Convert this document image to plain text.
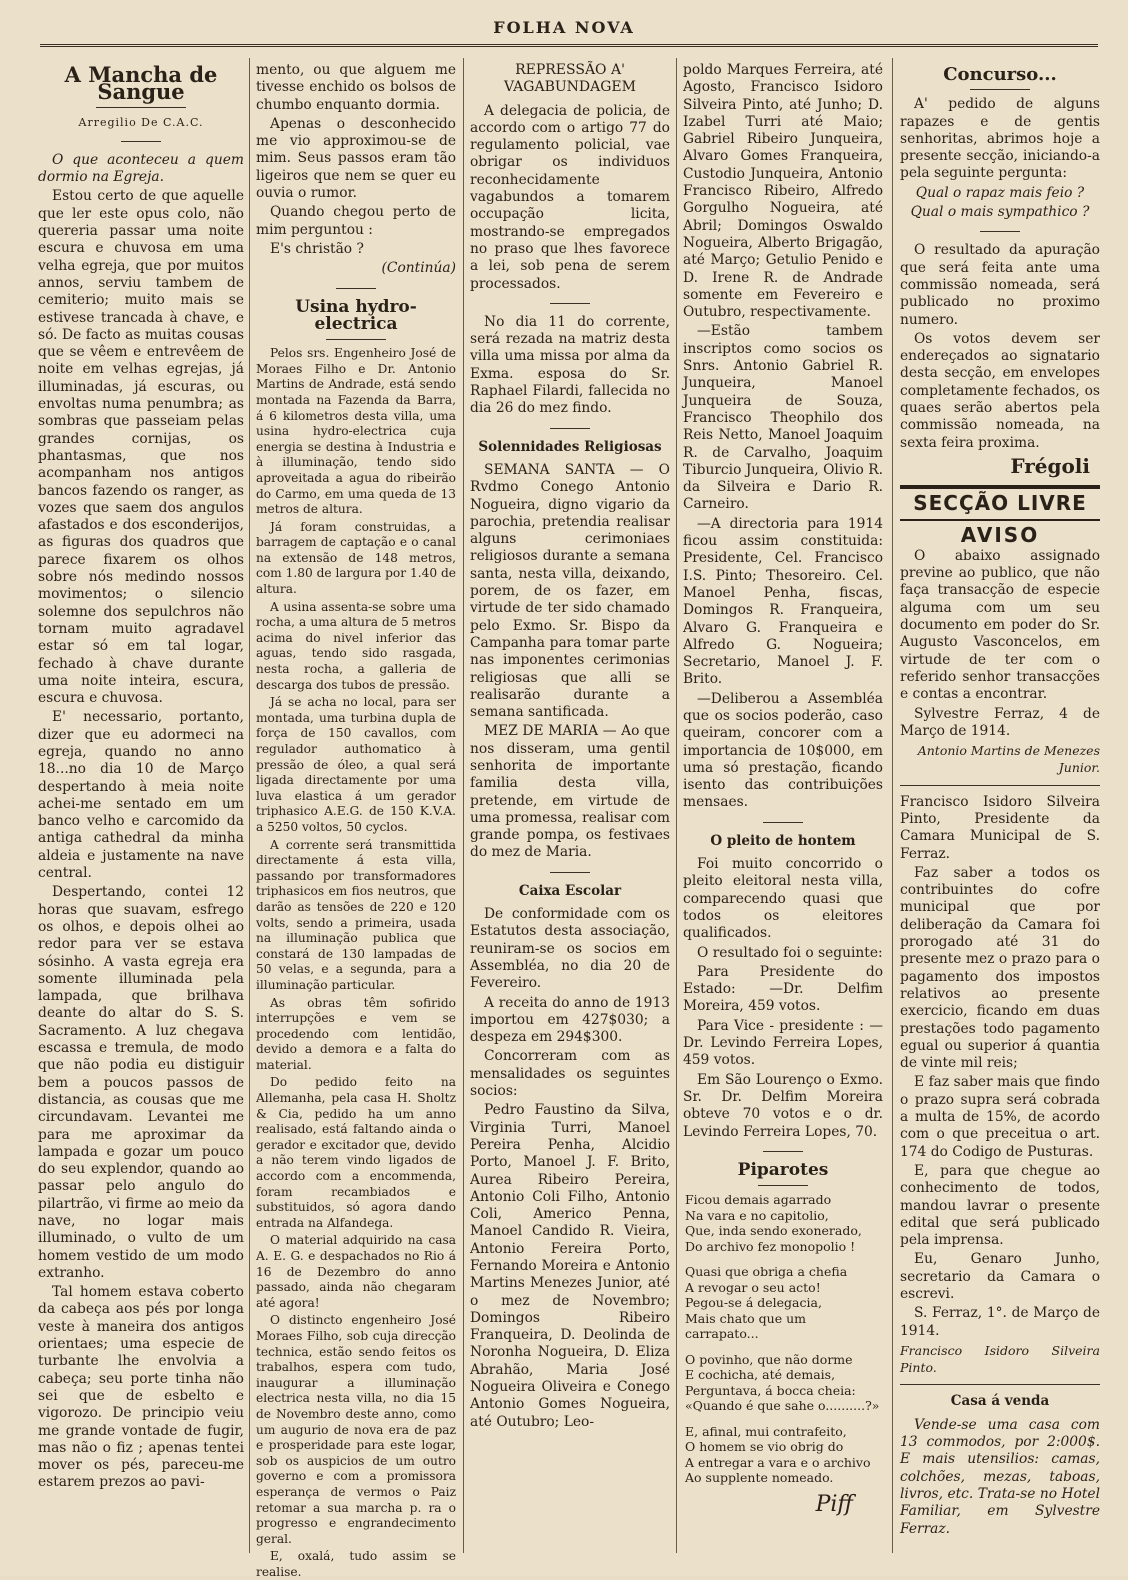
FOLHA NOVA
A Mancha de Sangue
Arregilio De C.A.C.

O que aconteceu a quem dormio na Egreja.

Estou certo de que aquelle que ler este opus colo, não quereria passar uma noite escura e chuvosa em uma velha egreja, que por muitos annos, serviu tambem de cemiterio; muito mais se estivese trancada à chave, e só. De facto as muitas cousas que se vêem e entrevêem de noite em velhas egrejas, já illuminadas, já escuras, ou envoltas numa penumbra; as sombras que passeiam pelas grandes cornijas, os phantasmas, que nos acompanham nos antigos bancos fazendo os ranger, as vozes que saem dos angulos afastados e dos esconderijos, as figuras dos quadros que parece fixarem os olhos sobre nós medindo nossos movimentos; o silencio solemne dos sepulchros não tornam muito agradavel estar só em tal logar, fechado à chave durante uma noite inteira, escura, escura e chuvosa.

E' necessario, portanto, dizer que eu adormeci na egreja, quando no anno 18...no dia 10 de Março despertando à meia noite achei-me sentado em um banco velho e carcomido da antiga cathedral da minha aldeia e justamente na nave central.

Despertando, contei 12 horas que suavam, esfrego os olhos, e depois olhei ao redor para ver se estava sósinho. A vasta egreja era somente illuminada pela lampada, que brilhava deante do altar do S. S. Sacramento. A luz chegava escassa e tremula, de modo que não podia eu distiguir bem a poucos passos de distancia, as cousas que me circundavam. Levantei me para me aproximar da lampada e gozar um pouco do seu explendor, quando ao passar pelo angulo do pilartrão, vi firme ao meio da nave, no logar mais illuminado, o vulto de um homem vestido de um modo extranho.

Tal homem estava coberto da cabeça aos pés por longa veste à maneira dos antigos orientaes; uma especie de turbante lhe envolvia a cabeça; seu porte tinha não sei que de esbelto e vigorozo. De principio veiu me grande vontade de fugir, mas não o fiz ; apenas tentei mover os pés, pareceu-me estarem prezos ao pavi-

mento, ou que alguem me tivesse enchido os bolsos de chumbo enquanto dormia.

Apenas o desconhecido me vio approximou-se de mim. Seus passos eram tão ligeiros que nem se quer eu ouvia o rumor.

Quando chegou perto de mim perguntou :

E's christão ?

(Continúa)

Usina hydro-electrica

Pelos srs. Engenheiro José de Moraes Filho e Dr. Antonio Martins de Andrade, está sendo montada na Fazenda da Barra, á 6 kilometros desta villa, uma usina hydro-electrica cuja energia se destina à Industria e à illuminação, tendo sido aproveitada a agua do ribeirão do Carmo, em uma queda de 13 metros de altura.

Já foram construidas, a barragem de captação e o canal na extensão de 148 metros, com 1.80 de largura por 1.40 de altura.

A usina assenta-se sobre uma rocha, a uma altura de 5 metros acima do nivel inferior das aguas, tendo sido rasgada, nesta rocha, a galleria de descarga dos tubos de pressão.

Já se acha no local, para ser montada, uma turbina dupla de força de 150 cavallos, com regulador authomatico à pressão de óleo, a qual será ligada directamente por uma luva elastica á um gerador triphasico A.E.G. de 150 K.V.A. a 5250 voltos, 50 cyclos.

A corrente será transmittida directamente á esta villa, passando por transformadores triphasicos em fios neutros, que darão as tensões de 220 e 120 volts, sendo a primeira, usada na illuminação publica que constará de 130 lampadas de 50 velas, e a segunda, para a illuminação particular.

As obras têm sofirido interrupções e vem se procedendo com lentidão, devido a demora e a falta do material.

Do pedido feito na Allemanha, pela casa H. Sholtz & Cia, pedido ha um anno realisado, está faltando ainda o gerador e excitador que, devido a não terem vindo ligados de accordo com a encommenda, foram recambiados e substituidos, só agora dando entrada na Alfandega.

O material adquirido na casa A. E. G. e despachados no Rio á 16 de Dezembro do anno passado, ainda não chegaram até agora!

O distincto engenheiro José Moraes Filho, sob cuja direcção technica, estão sendo feitos os trabalhos, espera com tudo, inaugurar a illuminação electrica nesta villa, no dia 15 de Novembro deste anno, como um augurio de nova era de paz e prosperidade para este logar, sob os auspicios de um outro governo e com a promissora esperança de vermos o Paiz retomar a sua marcha p. ra o progresso e engrandecimento geral.

E, oxalá, tudo assim se realise.

REPRESSÃO A' VAGABUNDAGEM

A delegacia de policia, de accordo com o artigo 77 do regulamento policial, vae obrigar os individuos reconhecidamente vagabundos a tomarem occupação licita, mostrando-se empregados no praso que lhes favorece a lei, sob pena de serem processados.

No dia 11 do corrente, será rezada na matriz desta villa uma missa por alma da Exma. esposa do Sr. Raphael Filardi, fallecida no dia 26 do mez findo.

Solennidades Religiosas

SEMANA SANTA — O Rvdmo Conego Antonio Nogueira, digno vigario da parochia, pretendia realisar alguns cerimoniaes religiosos durante a semana santa, nesta villa, deixando, porem, de os fazer, em virtude de ter sido chamado pelo Exmo. Sr. Bispo da Campanha para tomar parte nas imponentes cerimonias religiosas que alli se realisarão durante a semana santificada.

MEZ DE MARIA — Ao que nos disseram, uma gentil senhorita de importante familia desta villa, pretende, em virtude de uma promessa, realisar com grande pompa, os festivaes do mez de Maria.

Caixa Escolar

De conformidade com os Estatutos desta associação, reuniram-se os socios em Assembléa, no dia 20 de Fevereiro.

A receita do anno de 1913 importou em 427$030; a despeza em 294$300.

Concorreram com as mensalidades os seguintes socios:

Pedro Faustino da Silva, Virginia Turri, Manoel Pereira Penha, Alcidio Porto, Manoel J. F. Brito, Aurea Ribeiro Pereira, Antonio Coli Filho, Antonio Coli, Americo Penna, Manoel Candido R. Vieira, Antonio Fereira Porto, Fernando Moreira e Antonio Martins Menezes Junior, até o mez de Novembro; Domingos Ribeiro Franqueira, D. Deolinda de Noronha Nogueira, D. Eliza Abrahão, Maria José Nogueira Oliveira e Conego Antonio Gomes Nogueira, até Outubro; Leo-

poldo Marques Ferreira, até Agosto, Francisco Isidoro Silveira Pinto, até Junho; D. Izabel Turri até Maio; Gabriel Ribeiro Junqueira, Alvaro Gomes Franqueira, Custodio Junqueira, Antonio Francisco Ribeiro, Alfredo Gorgulho Nogueira, até Abril; Domingos Oswaldo Nogueira, Alberto Brigagão, até Março; Getulio Penido e D. Irene R. de Andrade somente em Fevereiro e Outubro, respectivamente.

—Estão tambem inscriptos como socios os Snrs. Antonio Gabriel R. Junqueira, Manoel Junqueira de Souza, Francisco Theophilo dos Reis Netto, Manoel Joaquim R. de Carvalho, Joaquim Tiburcio Junqueira, Olivio R. da Silveira e Dario R. Carneiro.

—A directoria para 1914 ficou assim constituida: Presidente, Cel. Francisco I.S. Pinto; Thesoreiro. Cel. Manoel Penha, fiscas, Domingos R. Franqueira, Alvaro G. Franqueira e Alfredo G. Nogueira; Secretario, Manoel J. F. Brito.

—Deliberou a Assembléa que os socios poderão, caso queiram, concorer com a importancia de 10$000, em uma só prestação, ficando isento das contribuições mensaes.

O pleito de hontem

Foi muito concorrido o pleito eleitoral nesta villa, comparecendo quasi que todos os eleitores qualificados.

O resultado foi o seguinte:

Para Presidente do Estado: —Dr. Delfim Moreira, 459 votos.

Para Vice - presidente : —Dr. Levindo Ferreira Lopes, 459 votos.

Em São Lourenço o Exmo. Sr. Dr. Delfim Moreira obteve 70 votos e o dr. Levindo Ferreira Lopes, 70.

Piparotes

Ficou demais agarrado
Na vara e no capitolio,
Que, inda sendo exonerado,
Do archivo fez monopolio !

Quasi que obriga a chefia
A revogar o seu acto!
Pegou-se á delegacia,
Mais chato que um carrapato...

O povinho, que não dorme
E cochicha, até demais,
Perguntava, á bocca cheia:
«Quando é que sahe o..........?»

E, afinal, mui contrafeito,
O homem se vio obrig do
A entregar a vara e o archivo
Ao supplente nomeado.

Piff
Concurso...

A' pedido de alguns rapazes e de gentis senhoritas, abrimos hoje a presente secção, iniciando-a pela seguinte pergunta:

Qual o rapaz mais feio ?

Qual o mais sympathico ?

O resultado da apuração que será feita ante uma commissão nomeada, será publicado no proximo numero.

Os votos devem ser endereçados ao signatario desta secção, em envelopes completamente fechados, os quaes serão abertos pela commissão nomeada, na sexta feira proxima.

Frégoli
SECÇÃO LIVRE
AVISO

O abaixo assignado previne ao publico, que não faça transacção de especie alguma com um seu documento em poder do Sr. Augusto Vasconcelos, em virtude de ter com o referido senhor transacções e contas a encontrar.

Sylvestre Ferraz, 4 de Março de 1914.

Antonio Martins de Menezes Junior.

Francisco Isidoro Silveira Pinto, Presidente da Camara Municipal de S. Ferraz.

Faz saber a todos os contribuintes do cofre municipal que por deliberação da Camara foi prorogado até 31 do presente mez o prazo para o pagamento dos impostos relativos ao presente exercicio, ficando em duas prestações todo pagamento egual ou superior á quantia de vinte mil reis;

E faz saber mais que findo o prazo supra será cobrada a multa de 15%, de acordo com o que preceitua o art. 174 do Codigo de Pusturas.

E, para que chegue ao conhecimento de todos, mandou lavrar o presente edital que será publicado pela imprensa.

Eu, Genaro Junho, secretario da Camara o escrevi.

S. Ferraz, 1°. de Março de 1914.

Francisco Isidoro Silveira Pinto.

Casa á venda

Vende-se uma casa com 13 commodos, por 2:000$. E mais utensilios: camas, colchões, mezas, taboas, livros, etc. Trata-se no Hotel Familiar, em Sylvestre Ferraz.
